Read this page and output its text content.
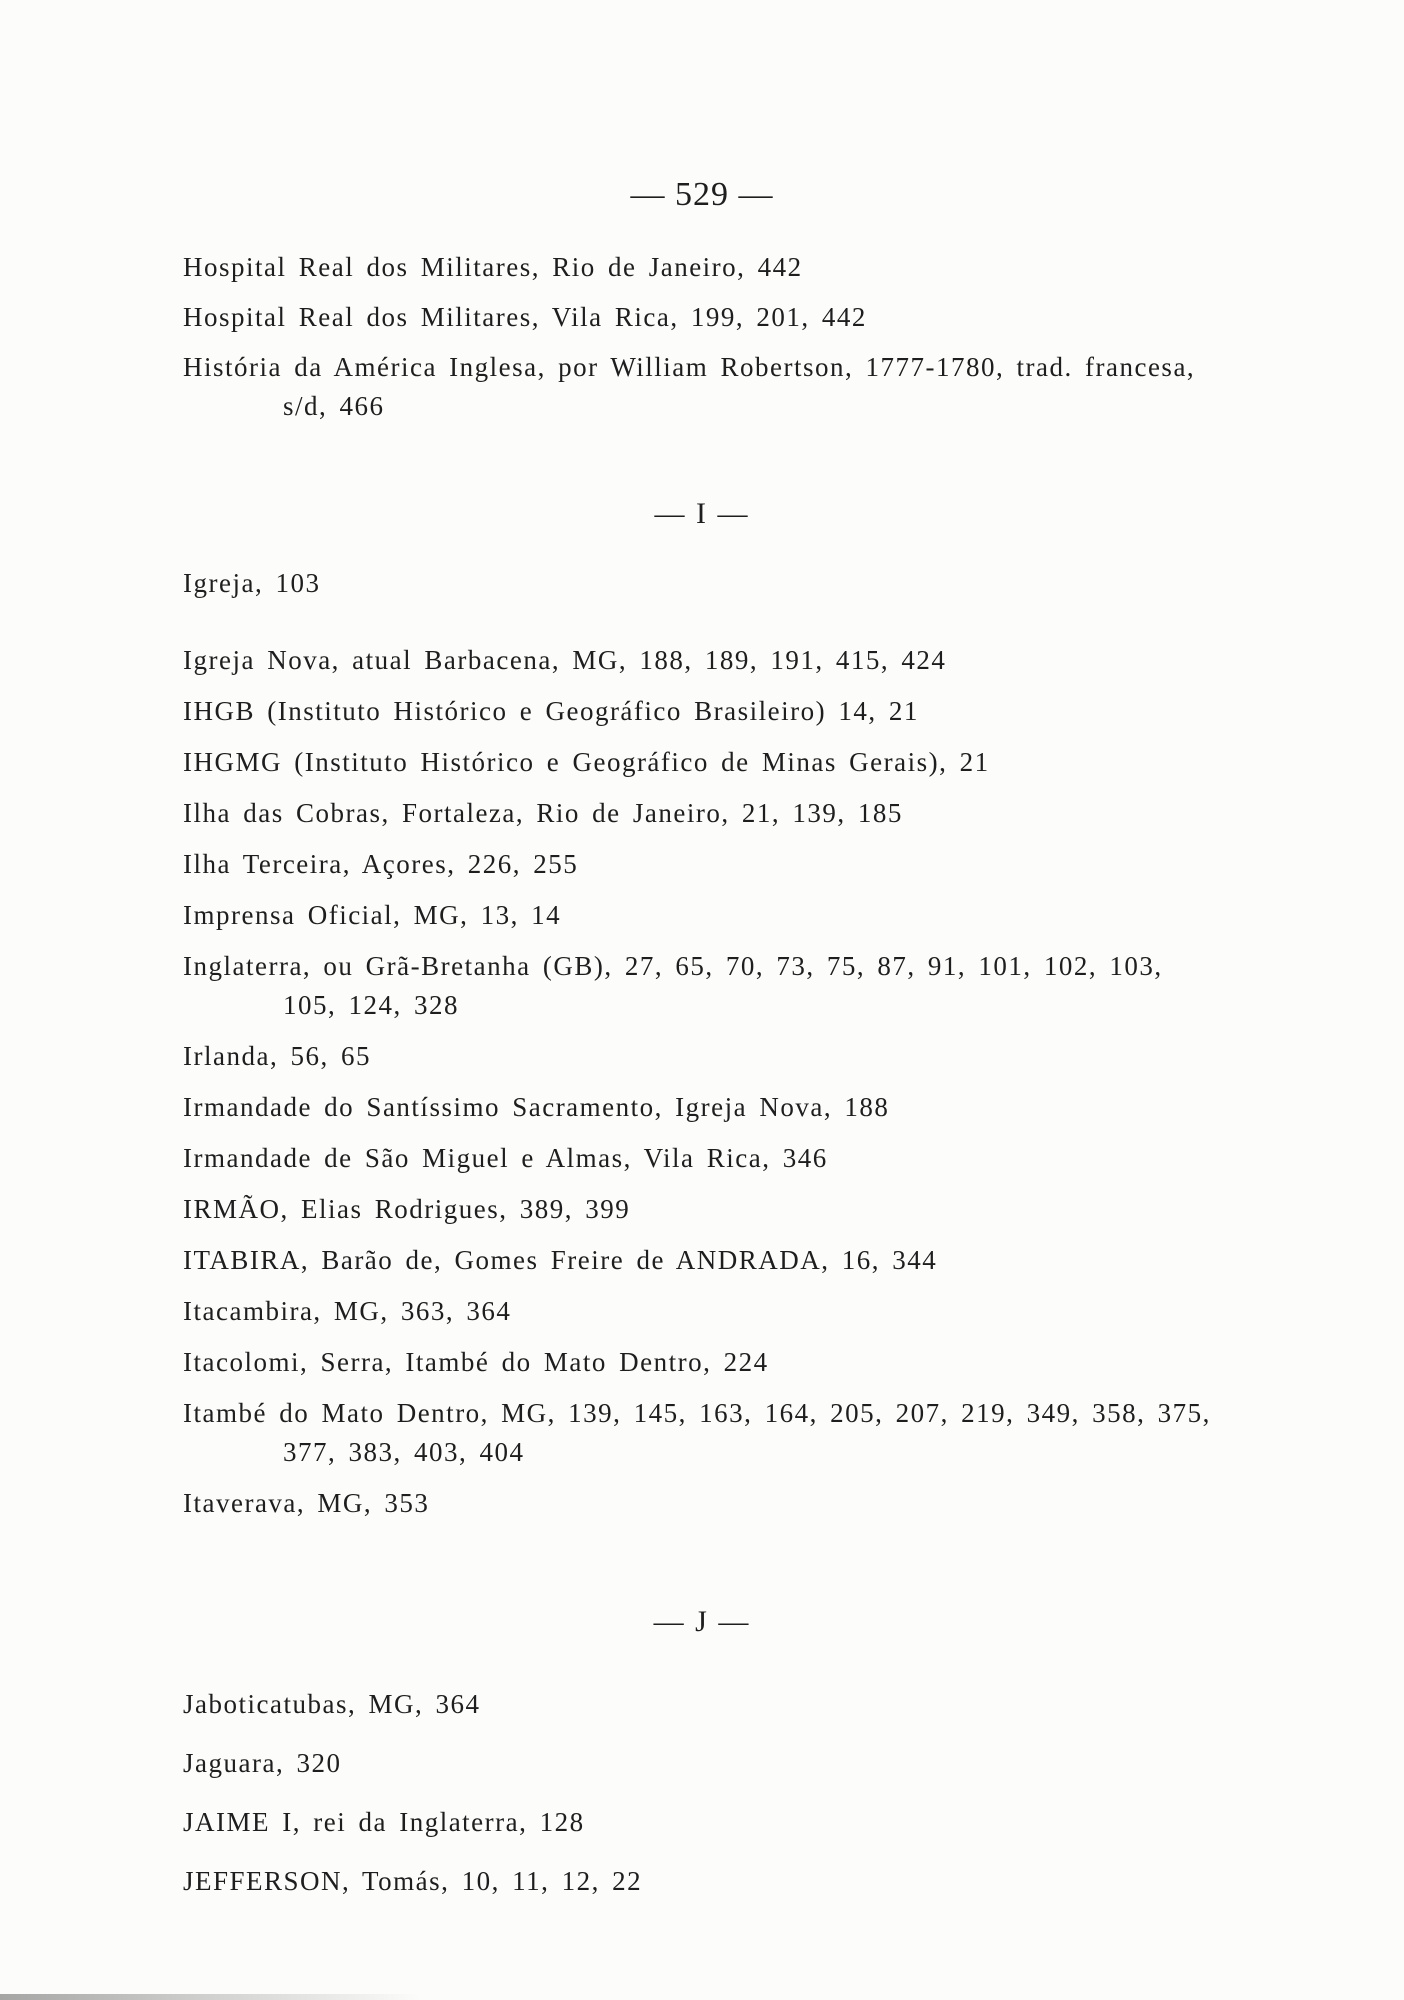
— 529 —

Hospital Real dos Militares, Rio de Janeiro, 442

Hospital Real dos Militares, Vila Rica, 199, 201, 442

História da América Inglesa, por William Robertson, 1777-1780, trad. francesa, s/d, 466

— I —

Igreja, 103

Igreja Nova, atual Barbacena, MG, 188, 189, 191, 415, 424

IHGB (Instituto Histórico e Geográfico Brasileiro) 14, 21

IHGMG (Instituto Histórico e Geográfico de Minas Gerais), 21

Ilha das Cobras, Fortaleza, Rio de Janeiro, 21, 139, 185

Ilha Terceira, Açores, 226, 255

Imprensa Oficial, MG, 13, 14

Inglaterra, ou Grã-Bretanha (GB), 27, 65, 70, 73, 75, 87, 91, 101, 102, 103, 105, 124, 328

Irlanda, 56, 65

Irmandade do Santíssimo Sacramento, Igreja Nova, 188

Irmandade de São Miguel e Almas, Vila Rica, 346

IRMÃO, Elias Rodrigues, 389, 399

ITABIRA, Barão de, Gomes Freire de ANDRADA, 16, 344

Itacambira, MG, 363, 364

Itacolomi, Serra, Itambé do Mato Dentro, 224

Itambé do Mato Dentro, MG, 139, 145, 163, 164, 205, 207, 219, 349, 358, 375, 377, 383, 403, 404

Itaverava, MG, 353

— J —

Jaboticatubas, MG, 364

Jaguara, 320

JAIME I, rei da Inglaterra, 128

JEFFERSON, Tomás, 10, 11, 12, 22
